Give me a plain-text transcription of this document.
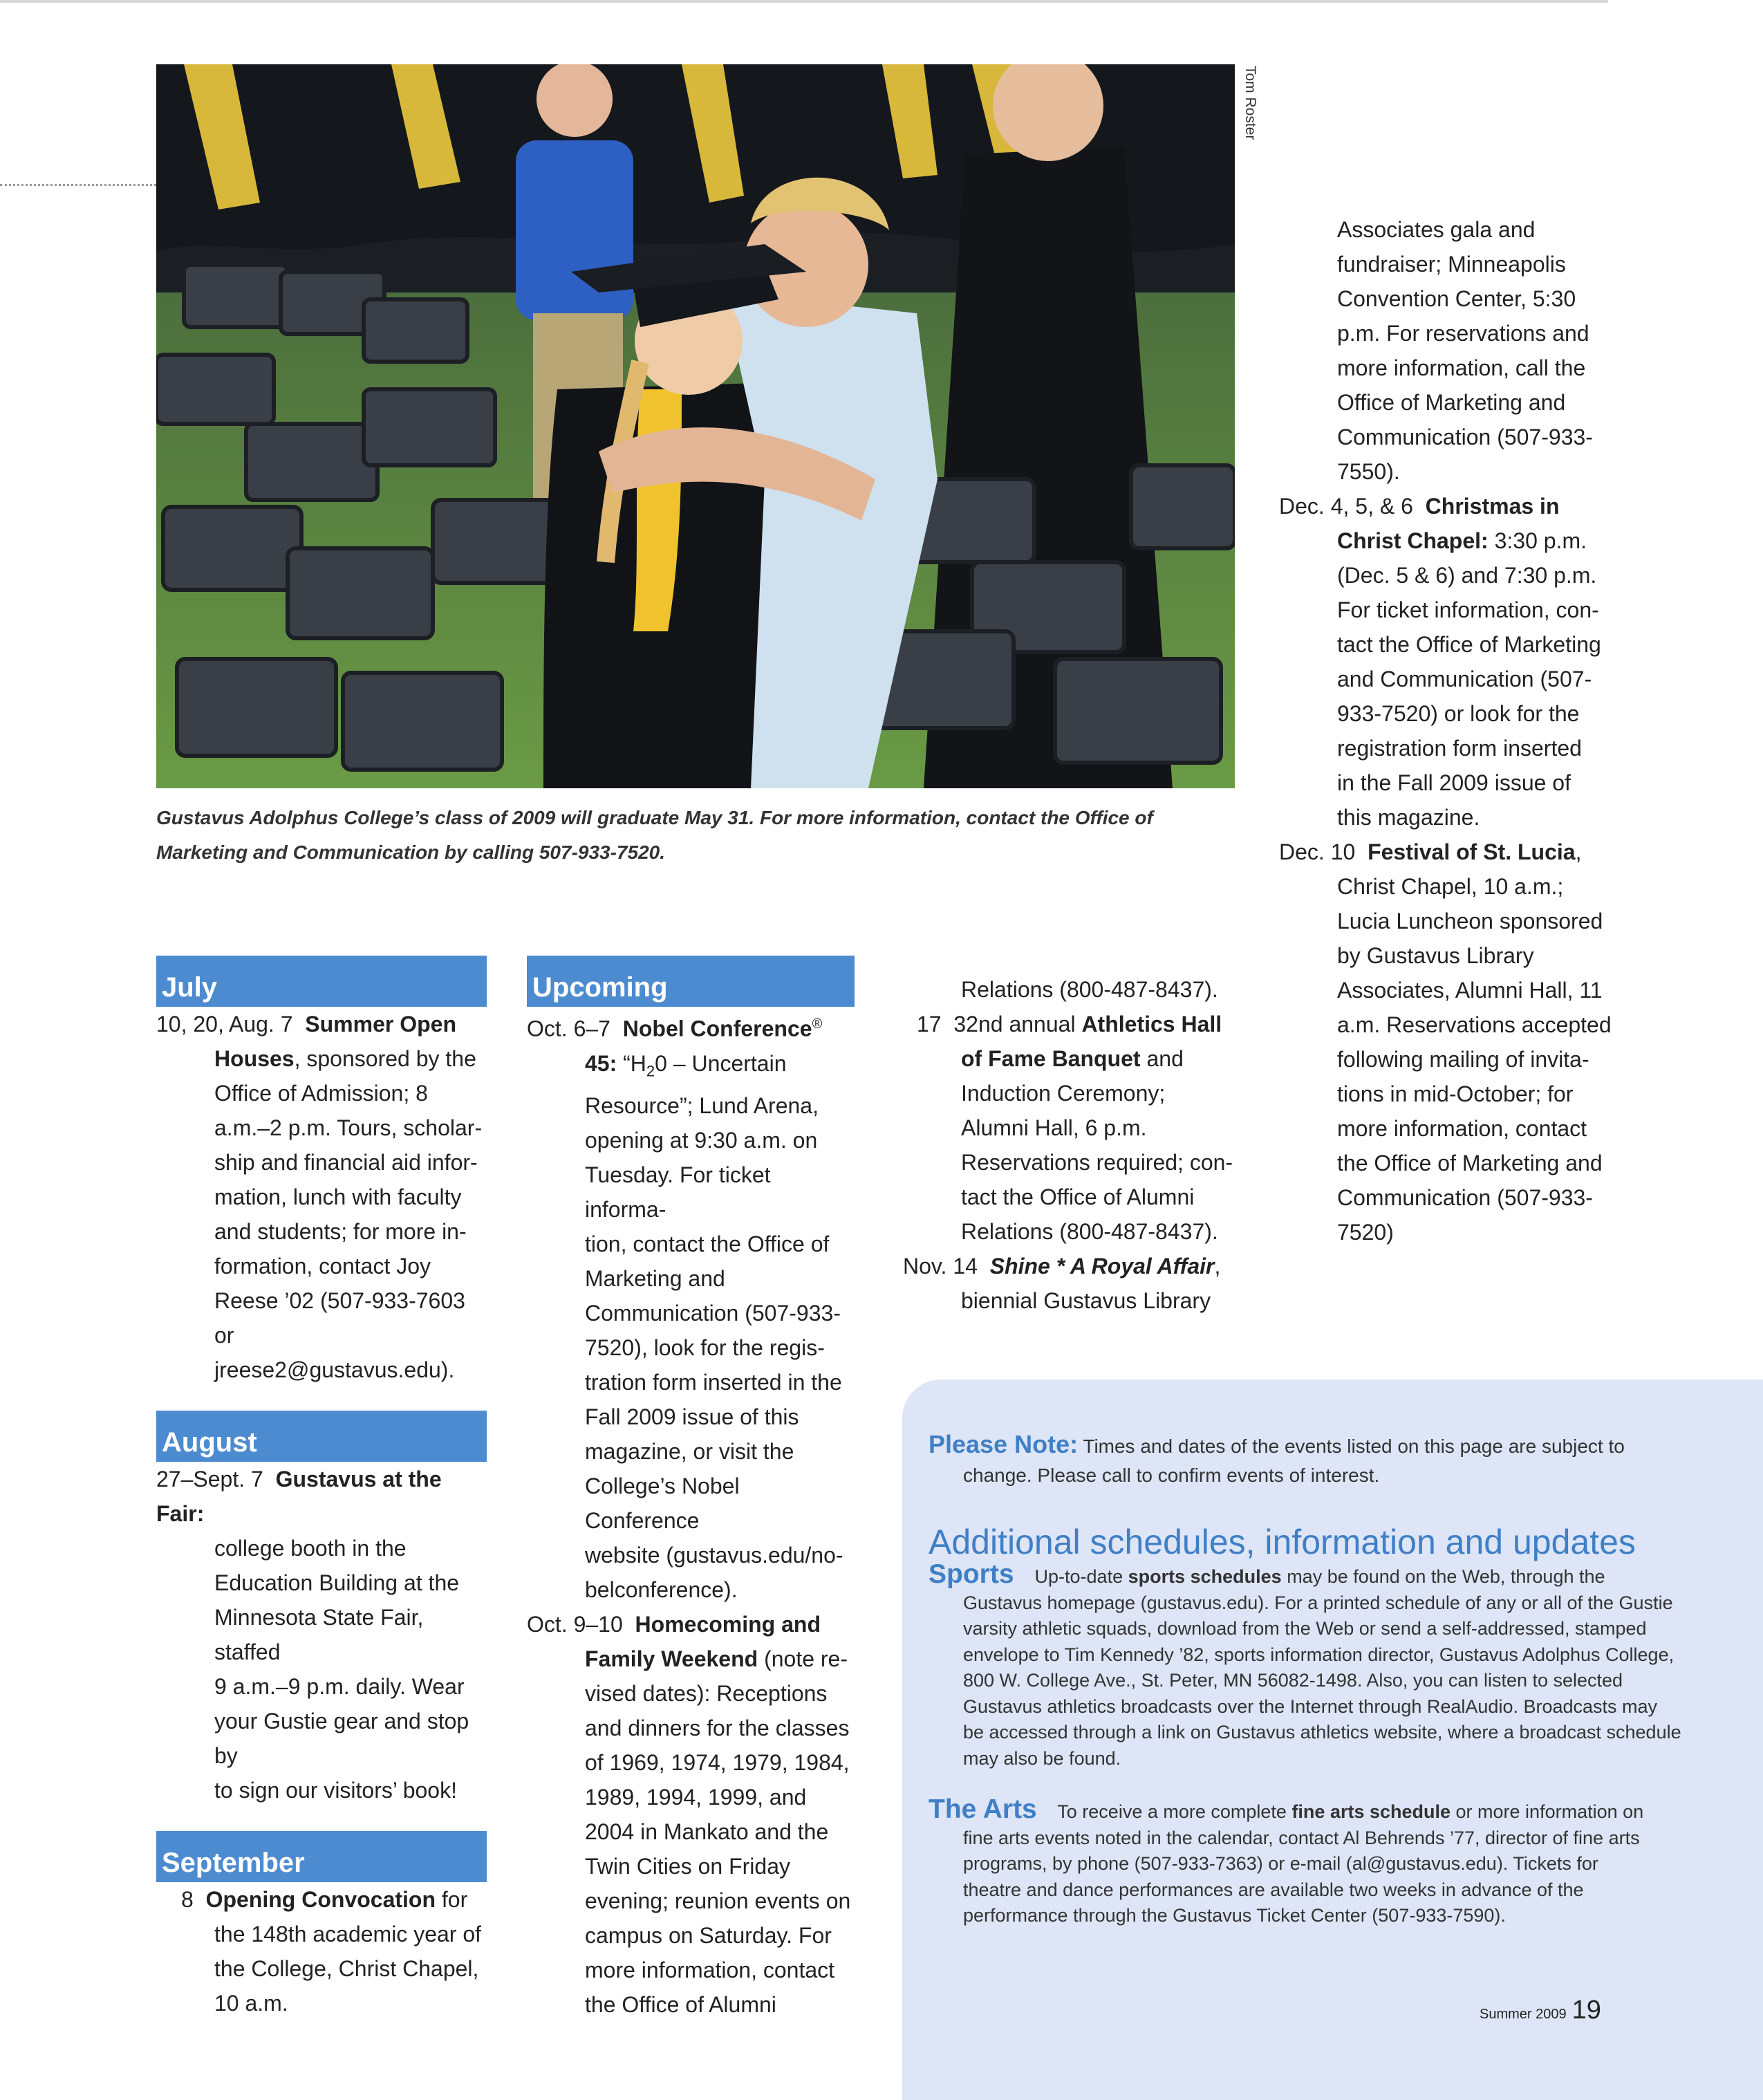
Tom Roster
Gustavus Adolphus College’s class of 2009 will graduate May 31. For more information, contact the Office of Marketing and Communication by calling 507-933-7520.
July
10, 20, Aug. 7 Summer Open
Houses, sponsored by the
Office of Admission; 8
a.m.–2 p.m. Tours, scholar-
ship and financial aid infor-
mation, lunch with faculty
and students; for more in-
formation, contact Joy
Reese ’02 (507-933-7603 or
jreese2@gustavus.edu).
August
27–Sept. 7 Gustavus at the Fair:
college booth in the
Education Building at the
Minnesota State Fair, staffed
9 a.m.–9 p.m. daily. Wear
your Gustie gear and stop by
to sign our visitors’ book!
September
8 Opening Convocation for
the 148th academic year of
the College, Christ Chapel,
10 a.m.
Upcoming
Oct. 6–7 Nobel Conference®
45: “$H_20$ – Uncertain
Resource”; Lund Arena,
opening at 9:30 a.m. on
Tuesday. For ticket informa-
tion, contact the Office of
Marketing and
Communication (507-933-
7520), look for the regis-
tration form inserted in the
Fall 2009 issue of this
magazine, or visit the
College’s Nobel Conference
website (gustavus.edu/no-
belconference).
Oct. 9–10 Homecoming and
Family Weekend (note re-
vised dates): Receptions
and dinners for the classes
of 1969, 1974, 1979, 1984,
1989, 1994, 1999, and
2004 in Mankato and the
Twin Cities on Friday
evening; reunion events on
campus on Saturday. For
more information, contact
the Office of Alumni
Relations (800-487-8437).
17 32nd annual Athletics Hall
of Fame Banquet and
Induction Ceremony;
Alumni Hall, 6 p.m.
Reservations required; con-
tact the Office of Alumni
Relations (800-487-8437).
Nov. 14 Shine * A Royal Affair,
biennial Gustavus Library
Associates gala and
fundraiser; Minneapolis
Convention Center, 5:30
p.m. For reservations and
more information, call the
Office of Marketing and
Communication (507-933-
7550).
Dec. 4, 5, & 6 Christmas in
Christ Chapel: 3:30 p.m.
(Dec. 5 & 6) and 7:30 p.m.
For ticket information, con-
tact the Office of Marketing
and Communication (507-
933-7520) or look for the
registration form inserted
in the Fall 2009 issue of
this magazine.
Dec. 10 Festival of St. Lucia,
Christ Chapel, 10 a.m.;
Lucia Luncheon sponsored
by Gustavus Library
Associates, Alumni Hall, 11
a.m. Reservations accepted
following mailing of invita-
tions in mid-October; for
more information, contact
the Office of Marketing and
Communication (507-933-
7520)
Please Note: Times and dates of the events listed on this page are subject to
change. Please call to confirm events of interest.
Additional schedules, information and updates
Sports Up-to-date sports schedules may be found on the Web, through the
Gustavus homepage (gustavus.edu). For a printed schedule of any or all of the Gustie
varsity athletic squads, download from the Web or send a self-addressed, stamped
envelope to Tim Kennedy ’82, sports information director, Gustavus Adolphus College,
800 W. College Ave., St. Peter, MN 56082-1498. Also, you can listen to selected
Gustavus athletics broadcasts over the Internet through RealAudio. Broadcasts may
be accessed through a link on Gustavus athletics website, where a broadcast schedule
may also be found.
The Arts To receive a more complete fine arts schedule or more information on
fine arts events noted in the calendar, contact Al Behrends ’77, director of fine arts
programs, by phone (507-933-7363) or e-mail (al@gustavus.edu). Tickets for
theatre and dance performances are available two weeks in advance of the
performance through the Gustavus Ticket Center (507-933-7590).
Summer 2009 19
